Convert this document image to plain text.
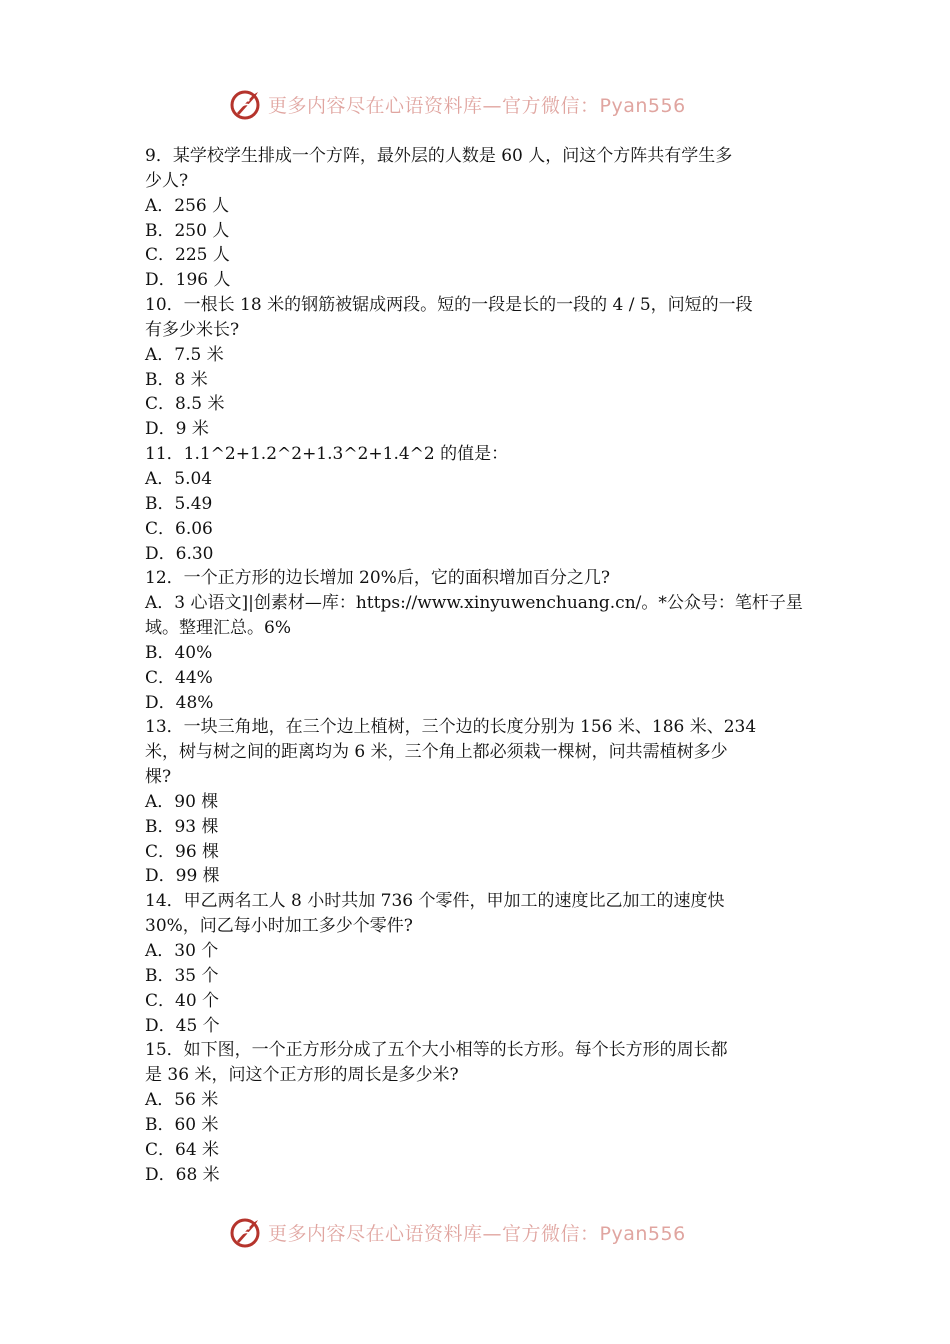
更多内容尽在心语资料库—官方微信：Pyan556
9．某学校学生排成一个方阵，最外层的人数是 60 人，问这个方阵共有学生多
少人?
A．256 人
B．250 人
C．225 人
D．196 人
10．一根长 18 米的钢筋被锯成两段。短的一段是长的一段的 4 / 5，问短的一段
有多少米长?
A．7.5 米
B．8 米
C．8.5 米
D．9 米
11．1.1^2+1.2^2+1.3^2+1.4^2 的值是：
A．5.04
B．5.49
C．6.06
D．6.30
12．一个正方形的边长增加 20%后，它的面积增加百分之几?
A．3 心语文]|创素材—库：https://www.xinyuwenchuang.cn/。*公众号：笔杆子星
域。整理汇总。6%
B．40%
C．44%
D．48%
13．一块三角地，在三个边上植树，三个边的长度分别为 156 米、186 米、234
米，树与树之间的距离均为 6 米，三个角上都必须栽一棵树，问共需植树多少
棵?
A．90 棵
B．93 棵
C．96 棵
D．99 棵
14．甲乙两名工人 8 小时共加 736 个零件，甲加工的速度比乙加工的速度快
30%，问乙每小时加工多少个零件?
A．30 个
B．35 个
C．40 个
D．45 个
15．如下图，一个正方形分成了五个大小相等的长方形。每个长方形的周长都
是 36 米，问这个正方形的周长是多少米?
A．56 米
B．60 米
C．64 米
D．68 米
更多内容尽在心语资料库—官方微信：Pyan556
